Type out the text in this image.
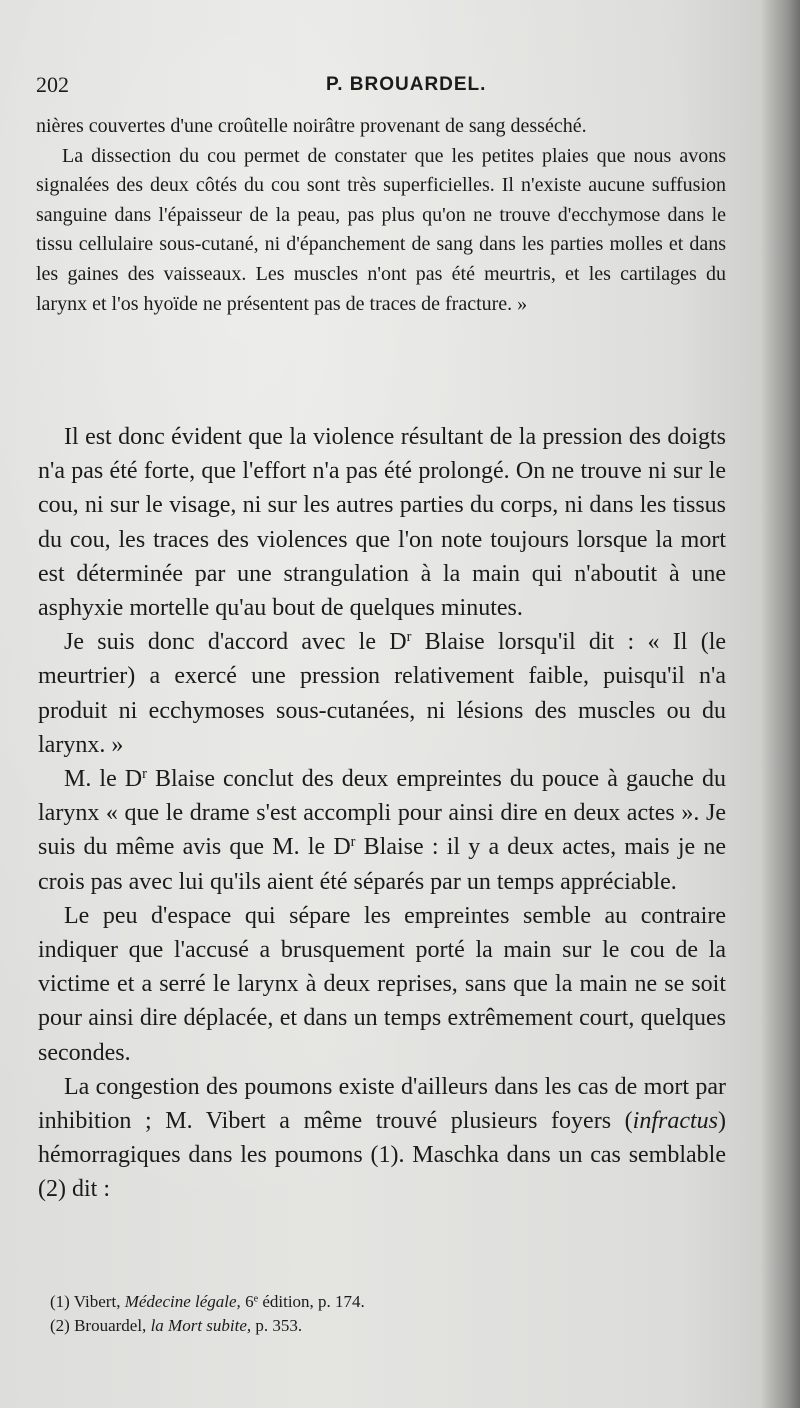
202	P. BROUARDEL.

nières couvertes d'une croûtelle noirâtre provenant de sang desséché.

La dissection du cou permet de constater que les petites plaies que nous avons signalées des deux côtés du cou sont très superficielles. Il n'existe aucune suffusion sanguine dans l'épaisseur de la peau, pas plus qu'on ne trouve d'ecchymose dans le tissu cellulaire sous-cutané, ni d'épanchement de sang dans les parties molles et dans les gaines des vaisseaux. Les muscles n'ont pas été meurtris, et les cartilages du larynx et l'os hyoïde ne présentent pas de traces de fracture. »

Il est donc évident que la violence résultant de la pression des doigts n'a pas été forte, que l'effort n'a pas été prolongé. On ne trouve ni sur le cou, ni sur le visage, ni sur les autres parties du corps, ni dans les tissus du cou, les traces des violences que l'on note toujours lorsque la mort est déterminée par une strangulation à la main qui n'aboutit à une asphyxie mortelle qu'au bout de quelques minutes.

Je suis donc d'accord avec le $D^r$ Blaise lorsqu'il dit : « Il (le meurtrier) a exercé une pression relativement faible, puisqu'il n'a produit ni ecchymoses sous-cutanées, ni lésions des muscles ou du larynx. »

M. le $D^r$ Blaise conclut des deux empreintes du pouce à gauche du larynx « que le drame s'est accompli pour ainsi dire en deux actes ». Je suis du même avis que M. le $D^r$ Blaise : il y a deux actes, mais je ne crois pas avec lui qu'ils aient été séparés par un temps appréciable.

Le peu d'espace qui sépare les empreintes semble au contraire indiquer que l'accusé a brusquement porté la main sur le cou de la victime et a serré le larynx à deux reprises, sans que la main ne se soit pour ainsi dire déplacée, et dans un temps extrêmement court, quelques secondes.

La congestion des poumons existe d'ailleurs dans les cas de mort par inhibition ; M. Vibert a même trouvé plusieurs foyers (infractus) hémorragiques dans les poumons (1). Maschka dans un cas semblable (2) dit :

(1) Vibert, Médecine légale, 6e édition, p. 174.

(2) Brouardel, la Mort subite, p. 353.
